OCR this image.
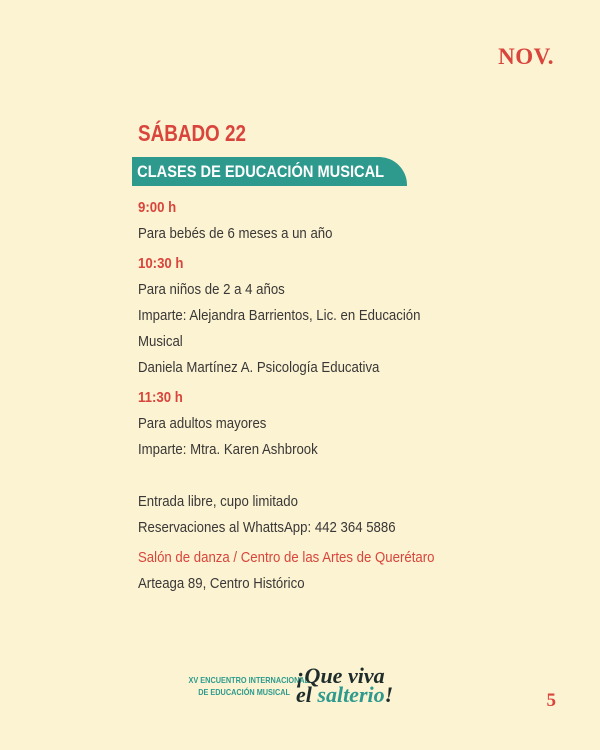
NOV.
SÁBADO 22
CLASES DE EDUCACIÓN MUSICAL
9:00 h
Para bebés de 6 meses a un año
10:30 h
Para niños de 2 a 4 años
Imparte: Alejandra Barrientos, Lic. en Educación
Musical
Daniela Martínez A. Psicología Educativa
11:30 h
Para adultos mayores
Imparte: Mtra. Karen Ashbrook
Entrada libre, cupo limitado
Reservaciones al WhattsApp: 442 364 5886
Salón de danza / Centro de las Artes de Querétaro
Arteaga 89, Centro Histórico
XV ENCUENTRO INTERNACIONAL
DE EDUCACIÓN MUSICAL
¡Que viva
el salterio!	5
